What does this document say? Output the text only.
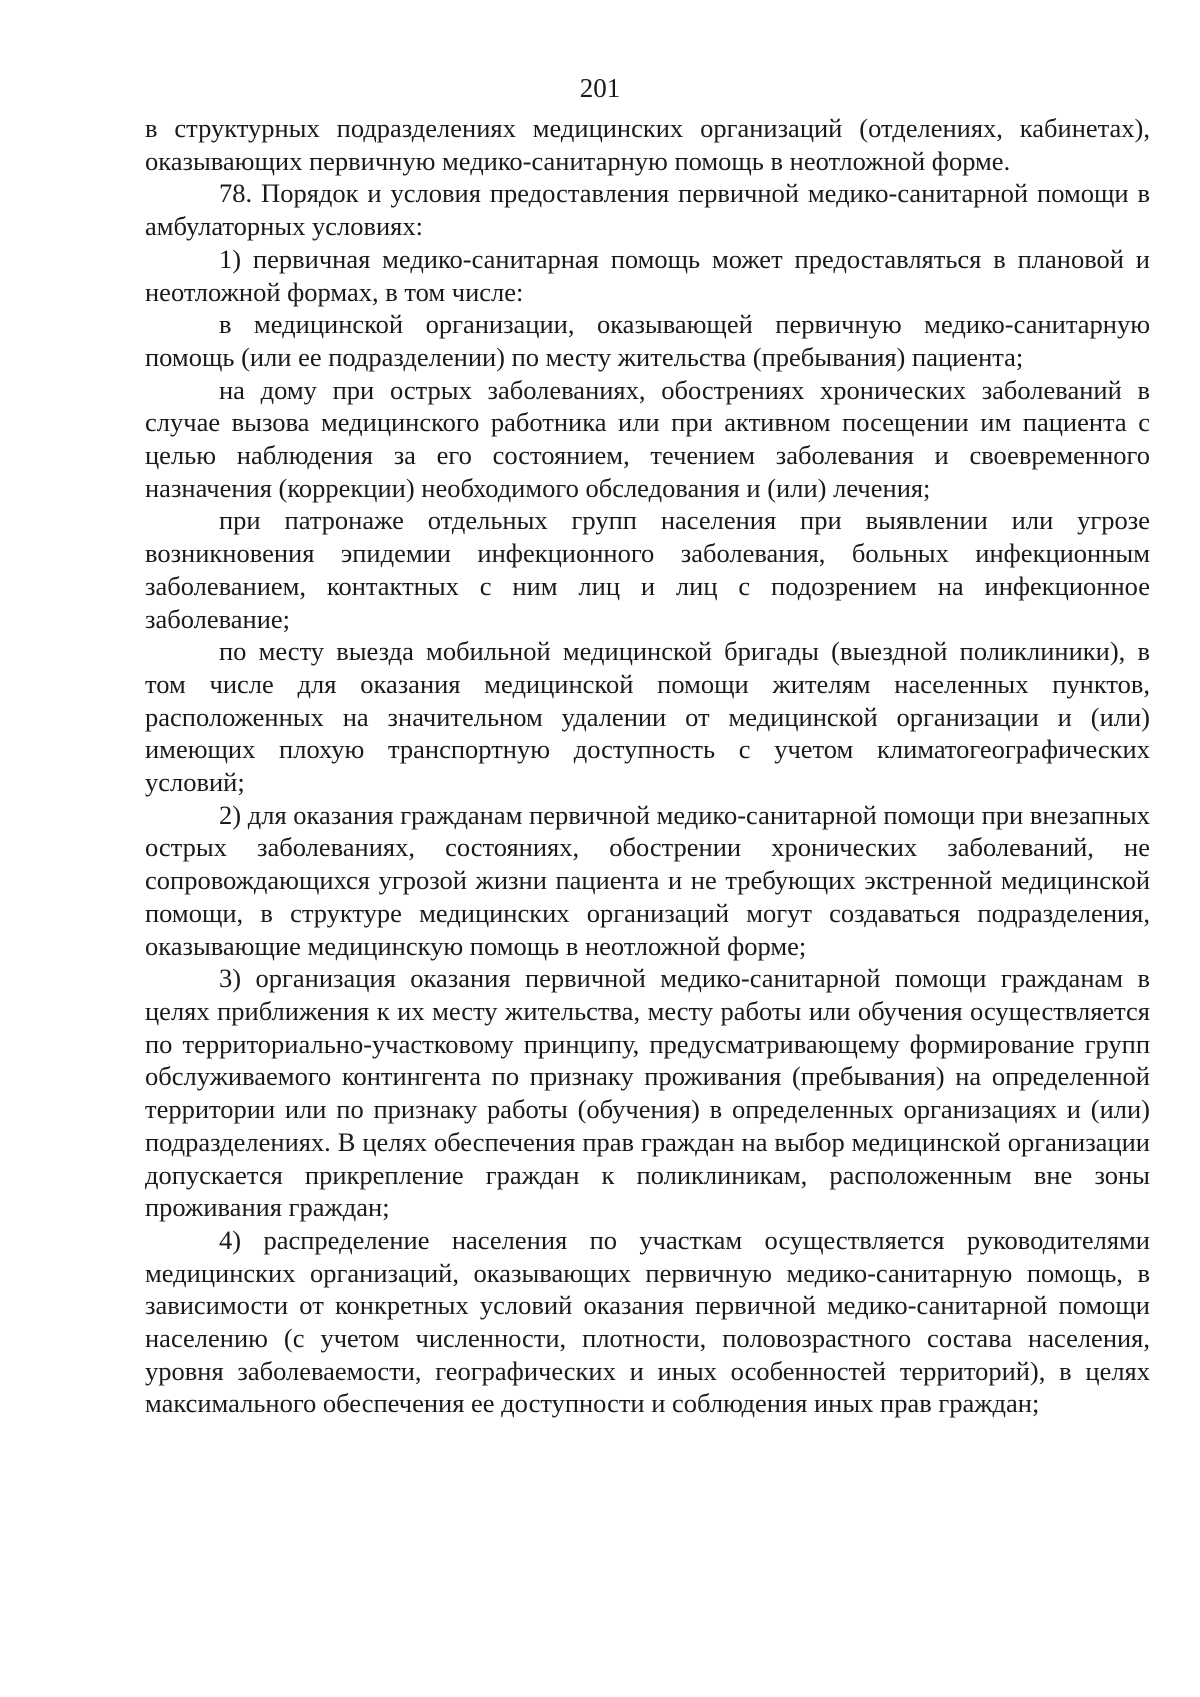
201

в структурных подразделениях медицинских организаций (отделениях, кабинетах), оказывающих первичную медико-санитарную помощь в неотложной форме.

78. Порядок и условия предоставления первичной медико-санитарной помощи в амбулаторных условиях:

1) первичная медико-санитарная помощь может предоставляться в плановой и неотложной формах, в том числе:

в медицинской организации, оказывающей первичную медико-санитарную помощь (или ее подразделении) по месту жительства (пребывания) пациента;

на дому при острых заболеваниях, обострениях хронических заболеваний в случае вызова медицинского работника или при активном посещении им пациента с целью наблюдения за его состоянием, течением заболевания и своевременного назначения (коррекции) необходимого обследования и (или) лечения;

при патронаже отдельных групп населения при выявлении или угрозе возникновения эпидемии инфекционного заболевания, больных инфекционным заболеванием, контактных с ним лиц и лиц с подозрением на инфекционное заболевание;

по месту выезда мобильной медицинской бригады (выездной поликлиники), в том числе для оказания медицинской помощи жителям населенных пунктов, расположенных на значительном удалении от медицинской организации и (или) имеющих плохую транспортную доступность с учетом климатогеографических условий;

2) для оказания гражданам первичной медико-санитарной помощи при внезапных острых заболеваниях, состояниях, обострении хронических заболеваний, не сопровождающихся угрозой жизни пациента и не требующих экстренной медицинской помощи, в структуре медицинских организаций могут создаваться подразделения, оказывающие медицинскую помощь в неотложной форме;

3) организация оказания первичной медико-санитарной помощи гражданам в целях приближения к их месту жительства, месту работы или обучения осуществляется по территориально-участковому принципу, предусматривающему формирование групп обслуживаемого контингента по признаку проживания (пребывания) на определенной территории или по признаку работы (обучения) в определенных организациях и (или) подразделениях. В целях обеспечения прав граждан на выбор медицинской организации допускается прикрепление граждан к поликлиникам, расположенным вне зоны проживания граждан;

4) распределение населения по участкам осуществляется руководителями медицинских организаций, оказывающих первичную медико-санитарную помощь, в зависимости от конкретных условий оказания первичной медико-санитарной помощи населению (с учетом численности, плотности, половозрастного состава населения, уровня заболеваемости, географических и иных особенностей территорий), в целях максимального обеспечения ее доступности и соблюдения иных прав граждан;
